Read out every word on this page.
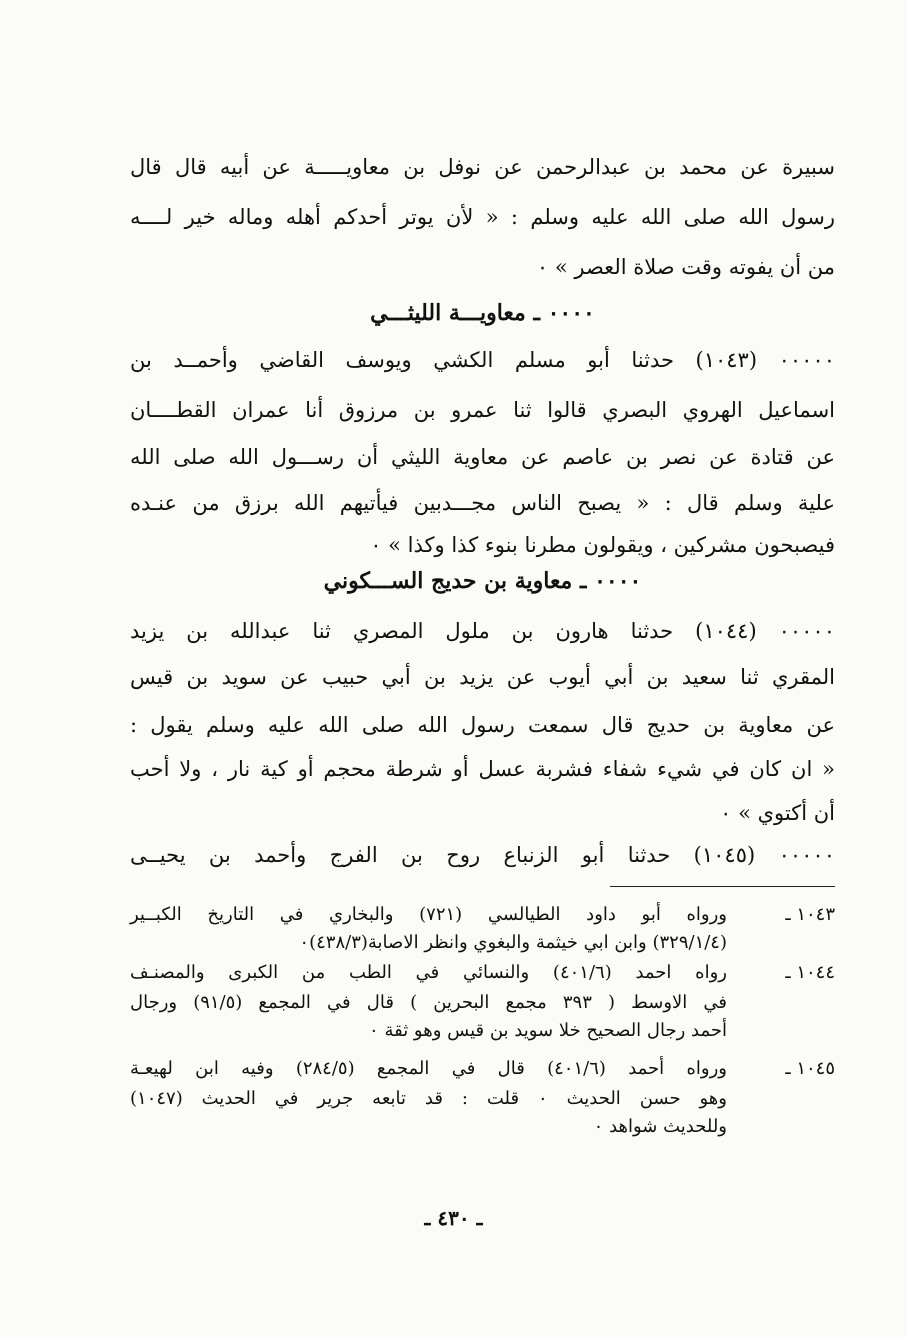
سبيرة عن محمد بن عبدالرحمن عن نوفل بن معاويـــــة عن أبيه قال قال
رسول الله صلى الله عليه وسلم : « لأن يوتر أحدكم أهله وماله خير لــــه
من أن يفوته وقت صلاة العصر » ٠
٠٠٠٠ ـ معاويـــة الليثـــي
٠٠٠٠٠ (١٠٤٣) حدثنا أبو مسلم الكشي ويوسف القاضي وأحمــد بن
اسماعيل الهروي البصري قالوا ثنا عمرو بن مرزوق أنا عمران القطــــان
عن قتادة عن نصر بن عاصم عن معاوية الليثي أن رســـول الله صلى الله
علية وسلم قال : « يصبح الناس مجـــدبين فيأتيهم الله برزق من عنـده
فيصبحون مشركين ، ويقولون مطرنا بنوء كذا وكذا » ٠
٠٠٠٠ ـ معاوية بن حديج الســـكوني
٠٠٠٠٠ (١٠٤٤) حدثنا هارون بن ملول المصري ثنا عبدالله بن يزيد
المقري ثنا سعيد بن أبي أيوب عن يزيد بن أبي حبيب عن سويد بن قيس
عن معاوية بن حديج قال سمعت رسول الله صلى الله عليه وسلم يقول :
« ان كان في شيء شفاء فشربة عسل أو شرطة محجم أو كية نار ، ولا أحب
أن أكتوي » ٠
٠٠٠٠٠ (١٠٤٥) حدثنا أبو الزنباع روح بن الفرج وأحمد بن يحيــى
١٠٤٣ ـ
ورواه أبو داود الطيالسي (٧٢١) والبخاري في التاريخ الكبــير
(٣٢٩/١/٤) وابن ابي خيثمة والبغوي وانظر الاصابة(٤٣٨/٣)٠
١٠٤٤ ـ
رواه احمد (٤٠١/٦) والنسائي في الطب من الكبرى والمصنـف
في الاوسط ( ٣٩٣ مجمع البحرين ) قال في المجمع (٩١/٥) ورجال
أحمد رجال الصحيح خلا سويد بن قيس وهو ثقة ٠
١٠٤٥ ـ
ورواه أحمد (٤٠١/٦) قال في المجمع (٢٨٤/٥) وفيه ابن لهيعـة
وهو حسن الحديث ٠ قلت : قد تابعه جرير في الحديث (١٠٤٧)
وللحديث شواهد ٠
ـ ٤٣٠ ـ
